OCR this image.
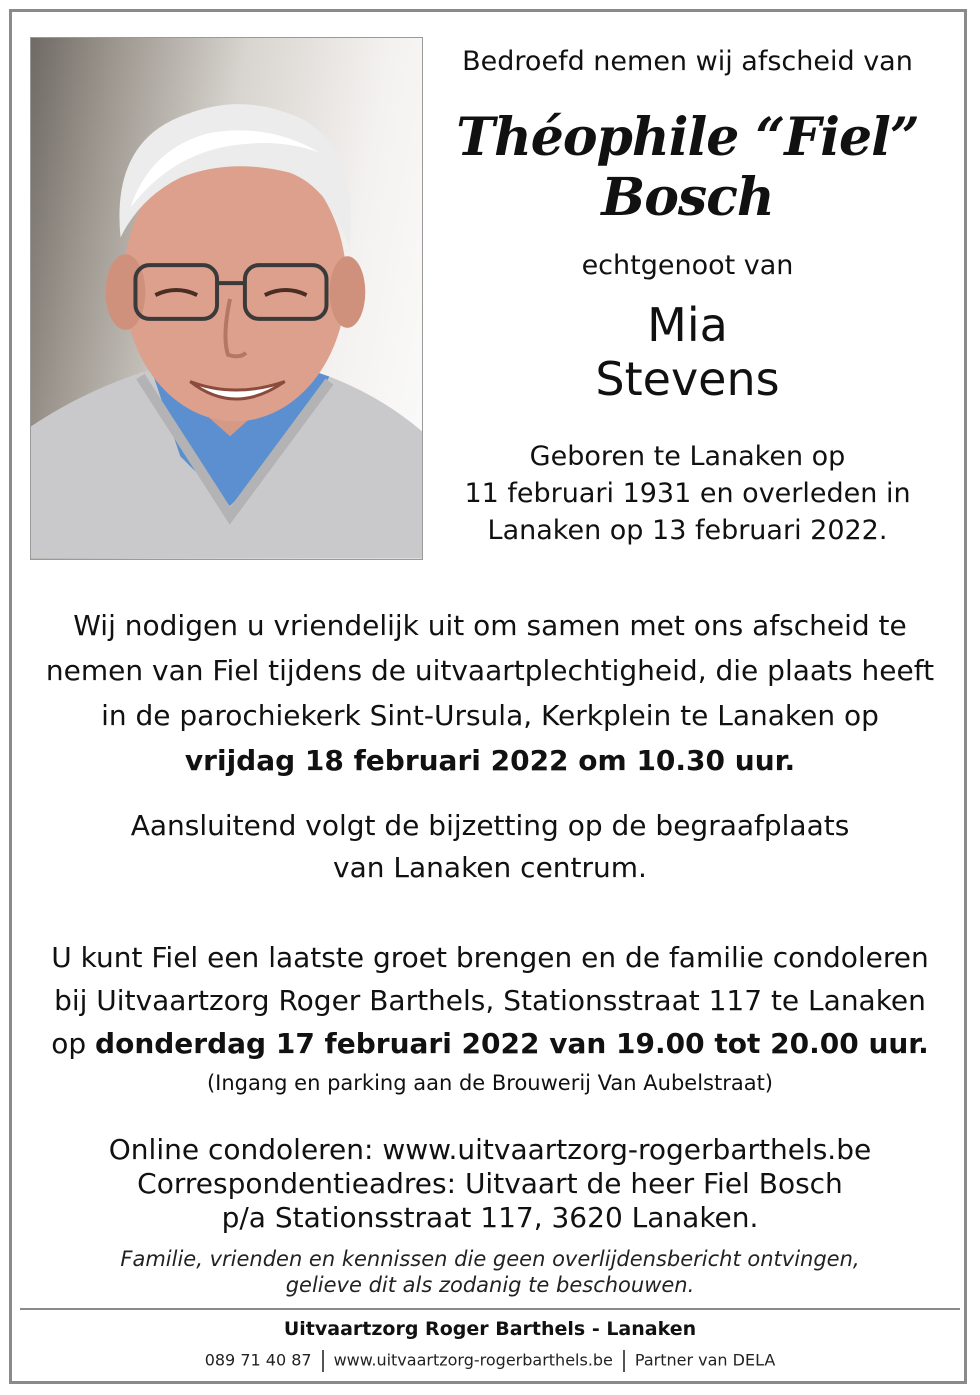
Bedroefd nemen wij afscheid van
Théophile “Fiel”
Bosch
echtgenoot van
Mia
Stevens
Geboren te Lanaken op
11 februari 1931 en overleden in
Lanaken op 13 februari 2022.
Wij nodigen u vriendelijk uit om samen met ons afscheid te
nemen van Fiel tijdens de uitvaartplechtigheid, die plaats heeft
in de parochiekerk Sint-Ursula, Kerkplein te Lanaken op
vrijdag 18 februari 2022 om 10.30 uur.
Aansluitend volgt de bijzetting op de begraafplaats
van Lanaken centrum.
U kunt Fiel een laatste groet brengen en de familie condoleren
bij Uitvaartzorg Roger Barthels, Stationsstraat 117 te Lanaken
op donderdag 17 februari 2022 van 19.00 tot 20.00 uur.
(Ingang en parking aan de Brouwerij Van Aubelstraat)
Online condoleren: www.uitvaartzorg-rogerbarthels.be
Correspondentieadres: Uitvaart de heer Fiel Bosch
p/a Stationsstraat 117, 3620 Lanaken.
Familie, vrienden en kennissen die geen overlijdensbericht ontvingen,
gelieve dit als zodanig te beschouwen.
Uitvaartzorg Roger Barthels - Lanaken
089 71 40 87 www.uitvaartzorg-rogerbarthels.be Partner van DELA
